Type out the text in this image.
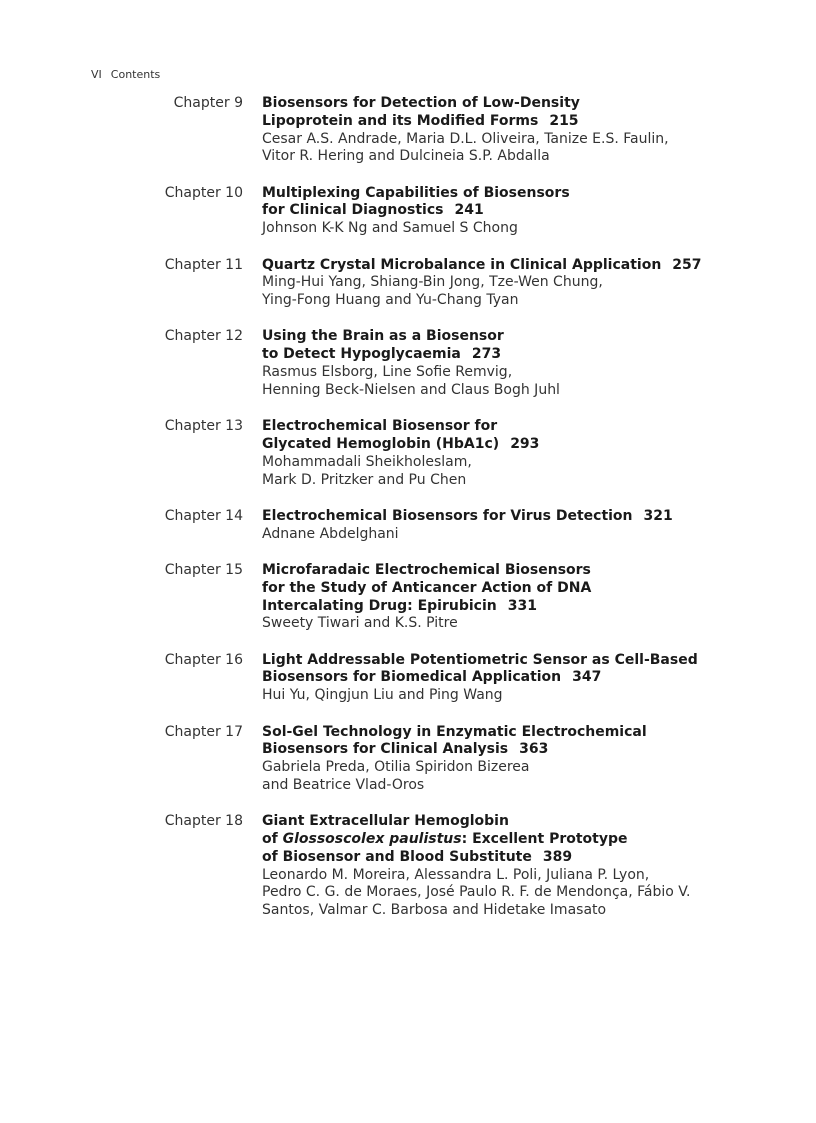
VI Contents
Chapter 9 Biosensors for Detection of Low-Density
Lipoprotein and its Modified Forms 215
Cesar A.S. Andrade, Maria D.L. Oliveira, Tanize E.S. Faulin,
Vitor R. Hering and Dulcineia S.P. Abdalla
Chapter 10 Multiplexing Capabilities of Biosensors
for Clinical Diagnostics 241
Johnson K-K Ng and Samuel S Chong
Chapter 11 Quartz Crystal Microbalance in Clinical Application 257
Ming-Hui Yang, Shiang-Bin Jong, Tze-Wen Chung,
Ying-Fong Huang and Yu-Chang Tyan
Chapter 12 Using the Brain as a Biosensor
to Detect Hypoglycaemia 273
Rasmus Elsborg, Line Sofie Remvig,
Henning Beck-Nielsen and Claus Bogh Juhl
Chapter 13 Electrochemical Biosensor for
Glycated Hemoglobin (HbA1c) 293
Mohammadali Sheikholeslam,
Mark D. Pritzker and Pu Chen
Chapter 14 Electrochemical Biosensors for Virus Detection 321
Adnane Abdelghani
Chapter 15 Microfaradaic Electrochemical Biosensors
for the Study of Anticancer Action of DNA
Intercalating Drug: Epirubicin 331
Sweety Tiwari and K.S. Pitre
Chapter 16 Light Addressable Potentiometric Sensor as Cell-Based
Biosensors for Biomedical Application 347
Hui Yu, Qingjun Liu and Ping Wang
Chapter 17 Sol-Gel Technology in Enzymatic Electrochemical
Biosensors for Clinical Analysis 363
Gabriela Preda, Otilia Spiridon Bizerea
and Beatrice Vlad-Oros
Chapter 18 Giant Extracellular Hemoglobin
of Glossoscolex paulistus: Excellent Prototype
of Biosensor and Blood Substitute 389
Leonardo M. Moreira, Alessandra L. Poli, Juliana P. Lyon,
Pedro C. G. de Moraes, José Paulo R. F. de Mendonça, Fábio V.
Santos, Valmar C. Barbosa and Hidetake Imasato
